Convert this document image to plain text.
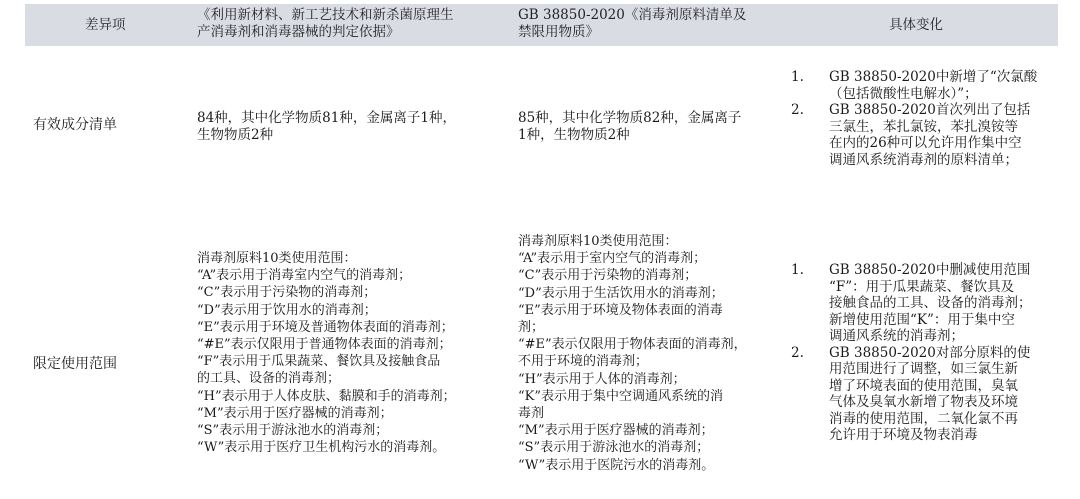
差异项
《利用新材料、新工艺技术和新杀菌原理生
产消毒剂和消毒器械的判定依据》
GB 38850-2020《消毒剂原料清单及
禁限用物质》	具体变化
有效成分清单	84种，其中化学物质81种，金属离子1种，
生物物质2种
85种，其中化学物质82种，金属离子
1种，生物物质2种
1. GB 38850-2020中新增了“次氯酸
（包括微酸性电解水）”；
2. GB 38850-2020首次列出了包括
三氯生，苯扎氯铵，苯扎溴铵等
在内的26种可以允许用作集中空
调通风系统消毒剂的原料清单；
限定使用范围
消毒剂原料10类使用范围：
“A”表示用于消毒室内空气的消毒剂；
“C”表示用于污染物的消毒剂；
“D”表示用于饮用水的消毒剂；
“E”表示用于环境及普通物体表面的消毒剂；
“#E”表示仅限用于普通物体表面的消毒剂；
“F”表示用于瓜果蔬菜、餐饮具及接触食品
的工具、设备的消毒剂；
“H”表示用于人体皮肤、黏膜和手的消毒剂；
“M”表示用于医疗器械的消毒剂；
“S”表示用于游泳池水的消毒剂；
“W”表示用于医疗卫生机构污水的消毒剂。
消毒剂原料10类使用范围：
“A”表示用于室内空气的消毒剂；
“C”表示用于污染物的消毒剂；
“D”表示用于生活饮用水的消毒剂；
“E”表示用于环境及物体表面的消毒
剂；
“#E”表示仅限用于物体表面的消毒剂，
不用于环境的消毒剂；
“H”表示用于人体的消毒剂；
“K”表示用于集中空调通风系统的消
毒剂
“M”表示用于医疗器械的消毒剂；
“S”表示用于游泳池水的消毒剂；
“W”表示用于医院污水的消毒剂。
1. GB 38850-2020中删减使用范围
“F”：用于瓜果蔬菜、餐饮具及
接触食品的工具、设备的消毒剂；
新增使用范围“K”：用于集中空
调通风系统的消毒剂；
2. GB 38850-2020对部分原料的使
用范围进行了调整，如三氯生新
增了环境表面的使用范围，臭氧
气体及臭氧水新增了物表及环境
消毒的使用范围，二氧化氯不再
允许用于环境及物表消毒
